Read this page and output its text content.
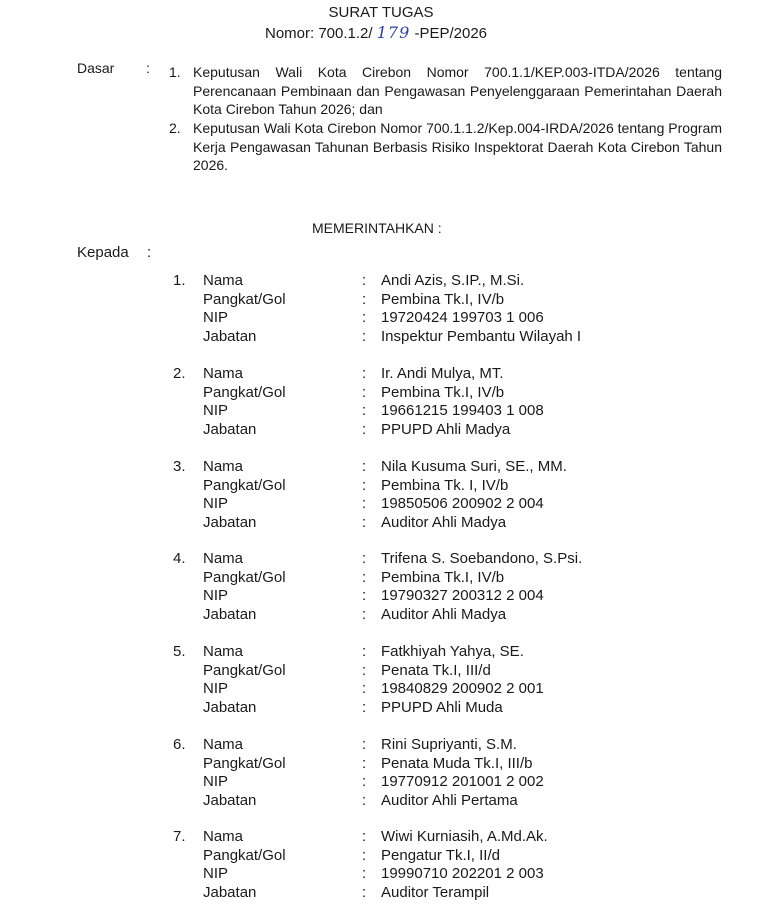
SURAT TUGAS
Nomor: 700.1.2/ 179 -PEP/2026
Dasar : 1. Keputusan Wali Kota Cirebon Nomor 700.1.1/KEP.003-ITDA/2026 tentang Perencanaan Pembinaan dan Pengawasan Penyelenggaraan Pemerintahan Daerah Kota Cirebon Tahun 2026; dan
2. Keputusan Wali Kota Cirebon Nomor 700.1.1.2/Kep.004-IRDA/2026 tentang Program Kerja Pengawasan Tahunan Berbasis Risiko Inspektorat Daerah Kota Cirebon Tahun 2026.
MEMERINTAHKAN :
Kepada :
1. Nama	: Andi Azis, S.IP., M.Si.
Pangkat/Gol	: Pembina Tk.I, IV/b
NIP	: 19720424 199703 1 006
Jabatan	: Inspektur Pembantu Wilayah I
2. Nama	: Ir. Andi Mulya, MT.
Pangkat/Gol	: Pembina Tk.I, IV/b
NIP	: 19661215 199403 1 008
Jabatan	: PPUPD Ahli Madya
3. Nama	: Nila Kusuma Suri, SE., MM.
Pangkat/Gol	: Pembina Tk. I, IV/b
NIP	: 19850506 200902 2 004
Jabatan	: Auditor Ahli Madya
4. Nama	: Trifena S. Soebandono, S.Psi.
Pangkat/Gol	: Pembina Tk.I, IV/b
NIP	: 19790327 200312 2 004
Jabatan	: Auditor Ahli Madya
5. Nama	: Fatkhiyah Yahya, SE.
Pangkat/Gol	: Penata Tk.I, III/d
NIP	: 19840829 200902 2 001
Jabatan	: PPUPD Ahli Muda
6. Nama	: Rini Supriyanti, S.M.
Pangkat/Gol	: Penata Muda Tk.I, III/b
NIP	: 19770912 201001 2 002
Jabatan	: Auditor Ahli Pertama
7. Nama	: Wiwi Kurniasih, A.Md.Ak.
Pangkat/Gol	: Pengatur Tk.I, II/d
NIP	: 19990710 202201 2 003
Jabatan	: Auditor Terampil
